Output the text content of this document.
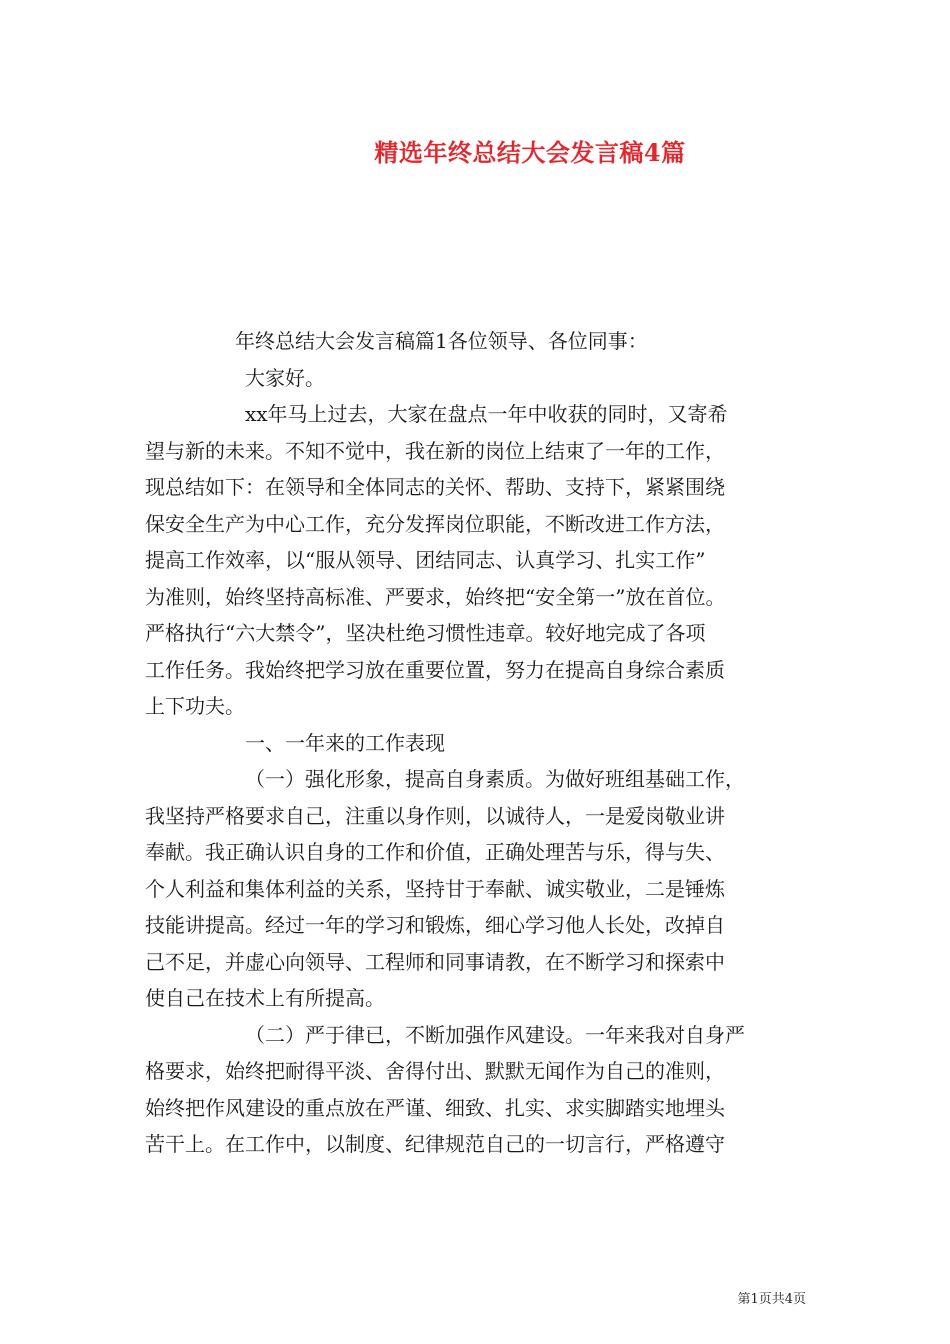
精选年终总结大会发言稿4篇
年终总结大会发言稿篇1各位领导、各位同事：
大家好。
xx年马上过去，大家在盘点一年中收获的同时，又寄希
望与新的未来。不知不觉中，我在新的岗位上结束了一年的工作，
现总结如下：在领导和全体同志的关怀、帮助、支持下，紧紧围绕
保安全生产为中心工作，充分发挥岗位职能，不断改进工作方法，
提高工作效率，以“服从领导、团结同志、认真学习、扎实工作”
为准则，始终坚持高标准、严要求，始终把“安全第一”放在首位。
严格执行“六大禁令”，坚决杜绝习惯性违章。较好地完成了各项
工作任务。我始终把学习放在重要位置，努力在提高自身综合素质
上下功夫。
一、一年来的工作表现
（一）强化形象，提高自身素质。为做好班组基础工作，
我坚持严格要求自己，注重以身作则，以诚待人，一是爱岗敬业讲
奉献。我正确认识自身的工作和价值，正确处理苦与乐，得与失、
个人利益和集体利益的关系，坚持甘于奉献、诚实敬业，二是锤炼
技能讲提高。经过一年的学习和锻炼，细心学习他人长处，改掉自
己不足，并虚心向领导、工程师和同事请教，在不断学习和探索中
使自己在技术上有所提高。
（二）严于律已，不断加强作风建设。一年来我对自身严
格要求，始终把耐得平淡、舍得付出、默默无闻作为自己的准则，
始终把作风建设的重点放在严谨、细致、扎实、求实脚踏实地埋头
苦干上。在工作中，以制度、纪律规范自己的一切言行，严格遵守
第1页共4页
